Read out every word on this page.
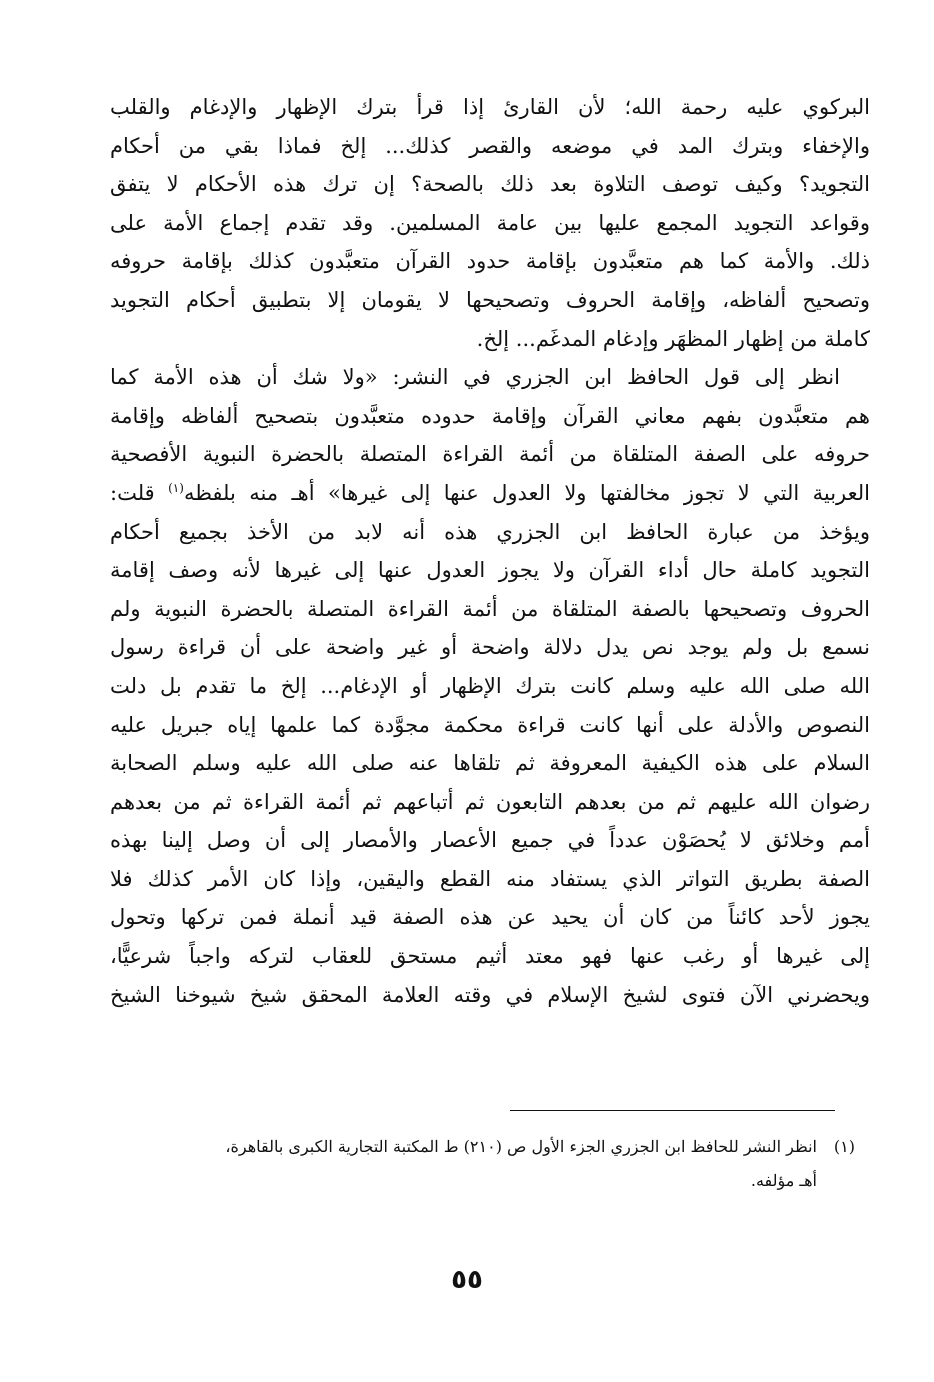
البركوي عليه رحمة الله؛ لأن القارئ إذا قرأ بترك الإظهار والإدغام والقلب
والإخفاء وبترك المد في موضعه والقصر كذلك... إلخ فماذا بقي من أحكام
التجويد؟ وكيف توصف التلاوة بعد ذلك بالصحة؟ إن ترك هذه الأحكام لا يتفق
وقواعد التجويد المجمع عليها بين عامة المسلمين. وقد تقدم إجماع الأمة على
ذلك. والأمة كما هم متعبَّدون بإقامة حدود القرآن متعبَّدون كذلك بإقامة حروفه
وتصحيح ألفاظه، وإقامة الحروف وتصحيحها لا يقومان إلا بتطبيق أحكام التجويد
كاملة من إظهار المظهَر وإدغام المدغَم... إلخ.
انظر إلى قول الحافظ ابن الجزري في النشر: «ولا شك أن هذه الأمة كما
هم متعبَّدون بفهم معاني القرآن وإقامة حدوده متعبَّدون بتصحيح ألفاظه وإقامة
حروفه على الصفة المتلقاة من أئمة القراءة المتصلة بالحضرة النبوية الأفصحية
العربية التي لا تجوز مخالفتها ولا العدول عنها إلى غيرها» أهـ منه بلفظه$^{(١)}$ قلت:
ويؤخذ من عبارة الحافظ ابن الجزري هذه أنه لابد من الأخذ بجميع أحكام
التجويد كاملة حال أداء القرآن ولا يجوز العدول عنها إلى غيرها لأنه وصف إقامة
الحروف وتصحيحها بالصفة المتلقاة من أئمة القراءة المتصلة بالحضرة النبوية ولم
نسمع بل ولم يوجد نص يدل دلالة واضحة أو غير واضحة على أن قراءة رسول
الله صلى الله عليه وسلم كانت بترك الإظهار أو الإدغام... إلخ ما تقدم بل دلت
النصوص والأدلة على أنها كانت قراءة محكمة مجوَّدة كما علمها إياه جبريل عليه
السلام على هذه الكيفية المعروفة ثم تلقاها عنه صلى الله عليه وسلم الصحابة
رضوان الله عليهم ثم من بعدهم التابعون ثم أتباعهم ثم أئمة القراءة ثم من بعدهم
أمم وخلائق لا يُحصَوْن عدداً في جميع الأعصار والأمصار إلى أن وصل إلينا بهذه
الصفة بطريق التواتر الذي يستفاد منه القطع واليقين، وإذا كان الأمر كذلك فلا
يجوز لأحد كائناً من كان أن يحيد عن هذه الصفة قيد أنملة فمن تركها وتحول
إلى غيرها أو رغب عنها فهو معتد أثيم مستحق للعقاب لتركه واجباً شرعيًّا،
ويحضرني الآن فتوى لشيخ الإسلام في وقته العلامة المحقق شيخ شيوخنا الشيخ
(١)انظر النشر للحافظ ابن الجزري الجزء الأول ص (٢١٠) ط المكتبة التجارية الكبرى بالقاهرة،
أهـ مؤلفه.
٥٥
